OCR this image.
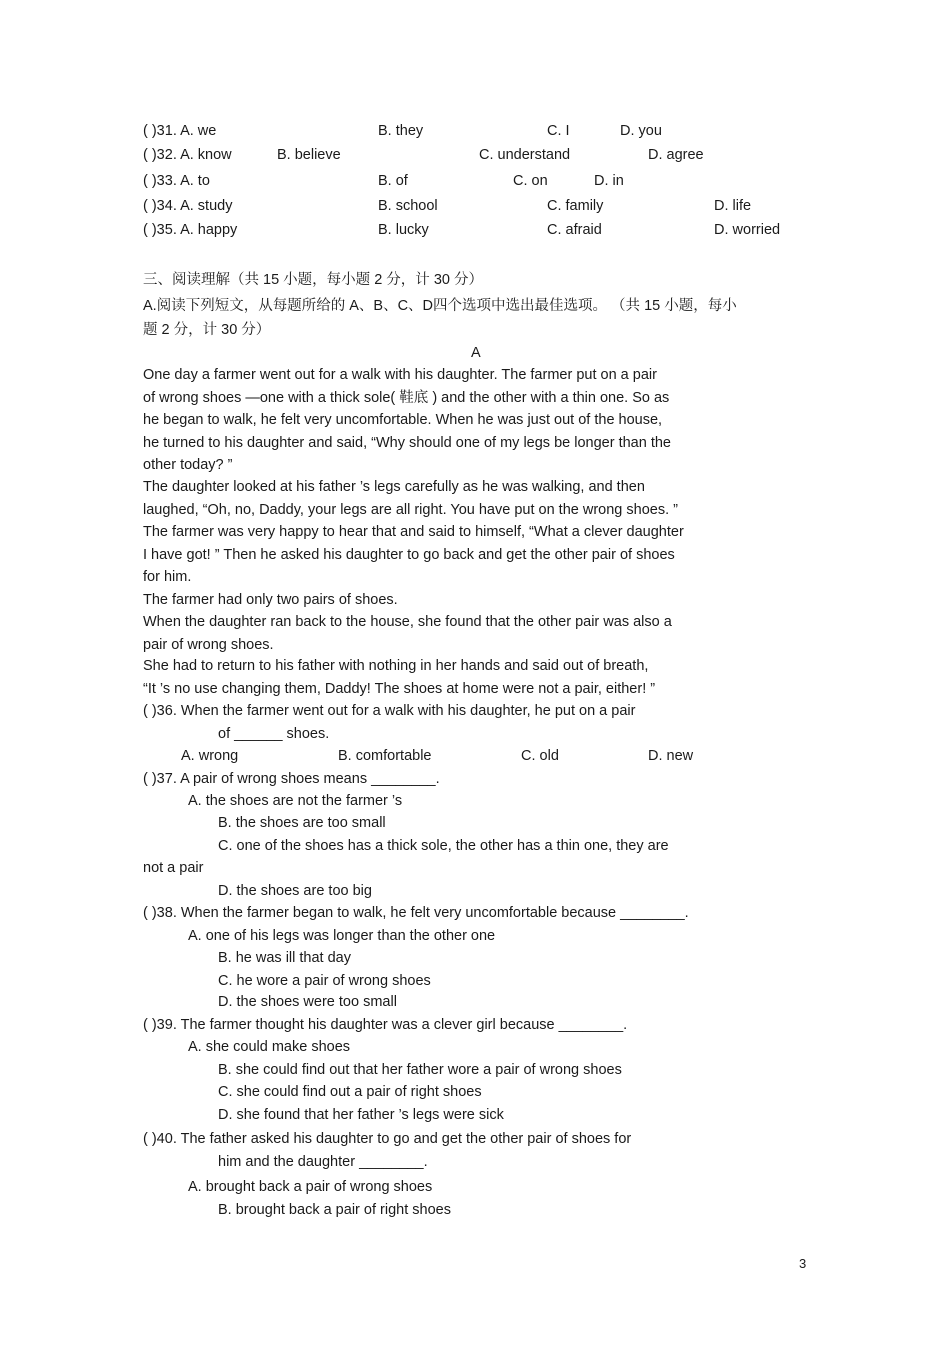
( )31. A. we	B. they	C. I	D. you
( )32. A. know	B. believe	C. understand	D. agree
( )33. A. to	B. of	C. on	D. in
( )34. A. study	B. school	C. family	D. life
( )35. A. happy	B. lucky	C. afraid	D. worried
三、阅读理解（共 15 小题，每小题 2 分，计 30 分）
A.阅读下列短文，从每题所给的 A、B、C、D四个选项中选出最佳选项。 （共 15 小题，每小
题 2 分，计 30 分）
A
One day a farmer went out for a walk with his daughter. The farmer put on a pair
of wrong shoes —one with a thick sole( 鞋底 ) and the other with a thin one. So as
he began to walk, he felt very uncomfortable. When he was just out of the house,
he turned to his daughter and said, “Why should one of my legs be longer than the
other today? ”
The daughter looked at his father ’s legs carefully as he was walking, and then
laughed, “Oh, no, Daddy, your legs are all right. You have put on the wrong shoes. ”
The farmer was very happy to hear that and said to himself, “What a clever daughter
I have got! ” Then he asked his daughter to go back and get the other pair of shoes
for him.
The farmer had only two pairs of shoes.
When the daughter ran back to the house, she found that the other pair was also a
pair of wrong shoes.
She had to return to his father with nothing in her hands and said out of breath,
“It ’s no use changing them, Daddy! The shoes at home were not a pair, either! ”
( )36. When the farmer went out for a walk with his daughter, he put on a pair
of ______ shoes.
A. wrong	B. comfortable	C. old	D. new
( )37. A pair of wrong shoes means ________.
A. the shoes are not the farmer ’s
B. the shoes are too small
C. one of the shoes has a thick sole, the other has a thin one, they are
not a pair
D. the shoes are too big
( )38. When the farmer began to walk, he felt very uncomfortable because ________.
A. one of his legs was longer than the other one
B. he was ill that day
C. he wore a pair of wrong shoes
D. the shoes were too small
( )39. The farmer thought his daughter was a clever girl because ________.
A. she could make shoes
B. she could find out that her father wore a pair of wrong shoes
C. she could find out a pair of right shoes
D. she found that her father ’s legs were sick
( )40. The father asked his daughter to go and get the other pair of shoes for
him and the daughter ________.
A. brought back a pair of wrong shoes
B. brought back a pair of right shoes
3
